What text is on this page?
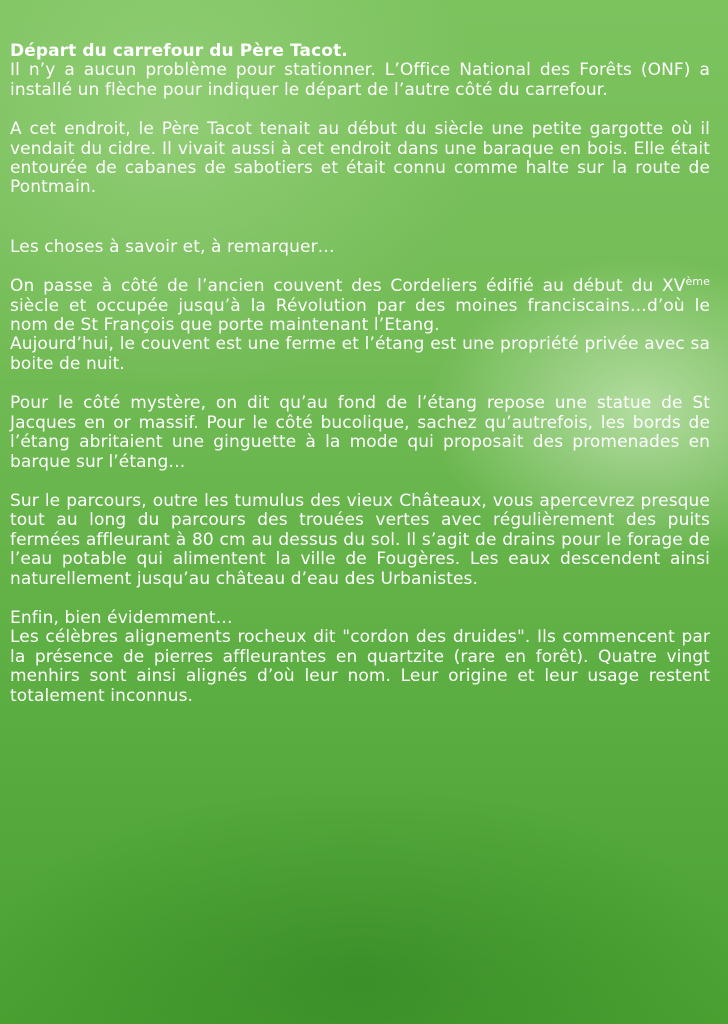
Départ du carrefour du Père Tacot.

Il n’y a aucun problème pour stationner. L’Office National des Forêts (ONF) a installé un flèche pour indiquer le départ de l’autre côté du carrefour.

A cet endroit, le Père Tacot tenait au début du siècle une petite gargotte où il vendait du cidre. Il vivait aussi à cet endroit dans une baraque en bois. Elle était entourée de cabanes de sabotiers et était connu comme halte sur la route de Pontmain.

Les choses à savoir et, à remarquer…

On passe à côté de l’ancien couvent des Cordeliers édifié au début du XVème siècle et occupée jusqu’à la Révolution par des moines franciscains…d’où le nom de St François que porte maintenant l’Etang.

Aujourd’hui, le couvent est une ferme et l’étang est une propriété privée avec sa boite de nuit.

Pour le côté mystère, on dit qu’au fond de l’étang repose une statue de St Jacques en or massif. Pour le côté bucolique, sachez qu’autrefois, les bords de l’étang abritaient une ginguette à la mode qui proposait des promenades en barque sur l’étang…

Sur le parcours, outre les tumulus des vieux Châteaux, vous apercevrez presque tout au long du parcours des trouées vertes avec régulièrement des puits fermées affleurant à 80 cm au dessus du sol. Il s’agit de drains pour le forage de l’eau potable qui alimentent la ville de Fougères. Les eaux descendent ainsi naturellement jusqu’au château d’eau des Urbanistes.

Enfin, bien évidemment…

Les célèbres alignements rocheux dit "cordon des druides". Ils commencent par la présence de pierres affleurantes en quartzite (rare en forêt). Quatre vingt menhirs sont ainsi alignés d’où leur nom. Leur origine et leur usage restent totalement inconnus.
